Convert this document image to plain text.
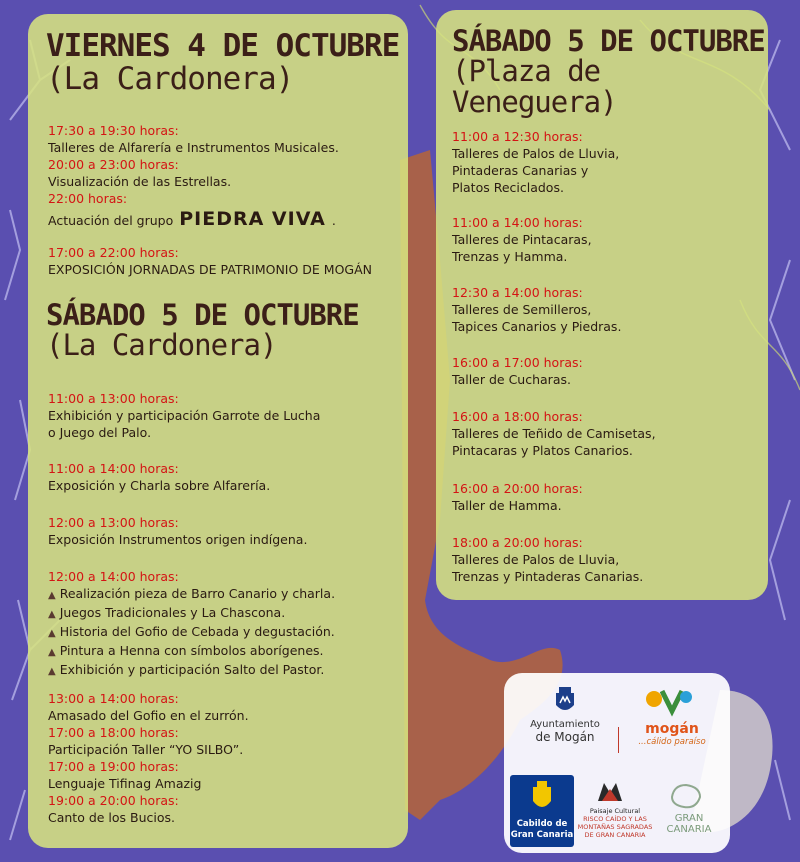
VIERNES 4 DE OCTUBRE
(La Cardonera)
17:30 a 19:30 horas:
Talleres de Alfarería e Instrumentos Musicales.
20:00 a 23:00 horas:
Visualización de las Estrellas.
22:00 horas:
Actuación del grupo PIEDRA VIVA .
17:00 a 22:00 horas:
EXPOSICIÓN JORNADAS DE PATRIMONIO DE MOGÁN
SÁBADO 5 DE OCTUBRE
(La Cardonera)
11:00 a 13:00 horas:
Exhibición y participación Garrote de Lucha
o Juego del Palo.
11:00 a 14:00 horas:
Exposición y Charla sobre Alfarería.
12:00 a 13:00 horas:
Exposición Instrumentos origen indígena.
12:00 a 14:00 horas:
▲ Realización pieza de Barro Canario y charla.
▲ Juegos Tradicionales y La Chascona.
▲ Historia del Gofio de Cebada y degustación.
▲ Pintura a Henna con símbolos aborígenes.
▲ Exhibición y participación Salto del Pastor.
13:00 a 14:00 horas:
Amasado del Gofio en el zurrón.
17:00 a 18:00 horas:
Participación Taller “YO SILBO”.
17:00 a 19:00 horas:
Lenguaje Tifinag Amazig
19:00 a 20:00 horas:
Canto de los Bucios.
SÁBADO 5 DE OCTUBRE
(Plaza de Veneguera)
11:00 a 12:30 horas:
Talleres de Palos de Lluvia,
Pintaderas Canarias y
Platos Reciclados.
11:00 a 14:00 horas:
Talleres de Pintacaras,
Trenzas y Hamma.
12:30 a 14:00 horas:
Talleres de Semilleros,
Tapices Canarios y Piedras.
16:00 a 17:00 horas:
Taller de Cucharas.
16:00 a 18:00 horas:
Talleres de Teñido de Camisetas,
Pintacaras y Platos Canarios.
16:00 a 20:00 horas:
Taller de Hamma.
18:00 a 20:00 horas:
Talleres de Palos de Lluvia,
Trenzas y Pintaderas Canarias.
Ayuntamiento
de Mogán	mogán
...cálido paraíso
Cabildo de
Gran Canaria
Paisaje Cultural
RISCO CAÍDO Y LAS
MONTAÑAS SAGRADAS
DE GRAN CANARIA
GRAN
CANARIA
